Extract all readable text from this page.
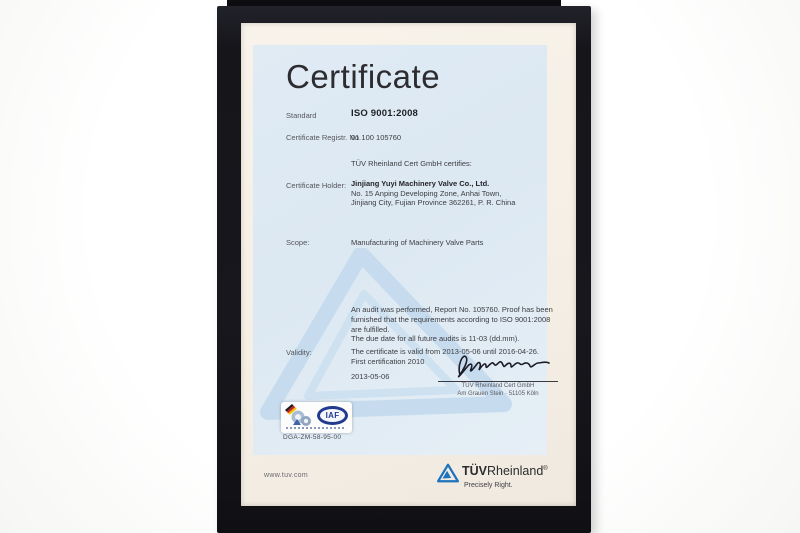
Certificate
Standard	ISO 9001:2008
Certificate Registr. No.
01 100 105760
TÜV Rheinland Cert GmbH certifies:
Certificate Holder: Jinjiang Yuyi Machinery Valve Co., Ltd.
No. 15 Anping Developing Zone, Anhai Town,
Jinjiang City, Fujian Province 362261, P. R. China
Scope:	Manufacturing of Machinery Valve Parts
An audit was performed, Report No. 105760. Proof has been
furnished that the requirements according to ISO 9001:2008
are fulfilled.
The due date for all future audits is 11-03 (dd.mm).
Validity:	The certificate is valid from 2013-05-06 until 2016-04-26.
First certification 2010
2013-05-06
TÜV Rheinland Cert GmbH
Am Grauen Stein · 51105 Köln
IAF
DGA-ZM-58-95-00
www.tuv.com	TÜVRheinland®
Precisely Right.
